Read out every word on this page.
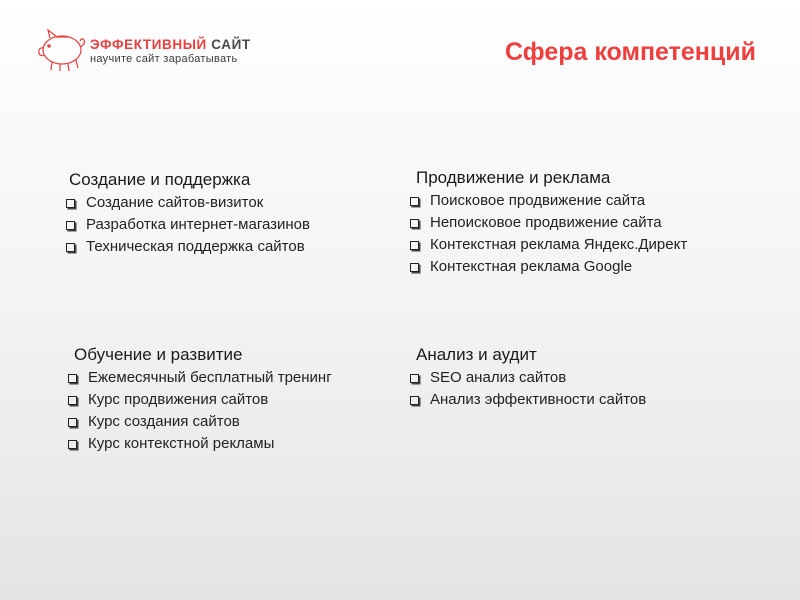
ЭФФЕКТИВНЫЙ САЙТ
научите сайт зарабатывать	Сфера компетенций
Создание и поддержка
Создание сайтов-визиток
Разработка интернет-магазинов
Техническая поддержка сайтов
Продвижение и реклама
Поисковое продвижение сайта
Непоисковое продвижение сайта
Контекстная реклама Яндекс.Директ
Контекстная реклама Google
Обучение и развитие
Ежемесячный бесплатный тренинг
Курс продвижения сайтов
Курс создания сайтов
Курс контекстной рекламы
Анализ и аудит
SEO анализ сайтов
Анализ эффективности сайтов
